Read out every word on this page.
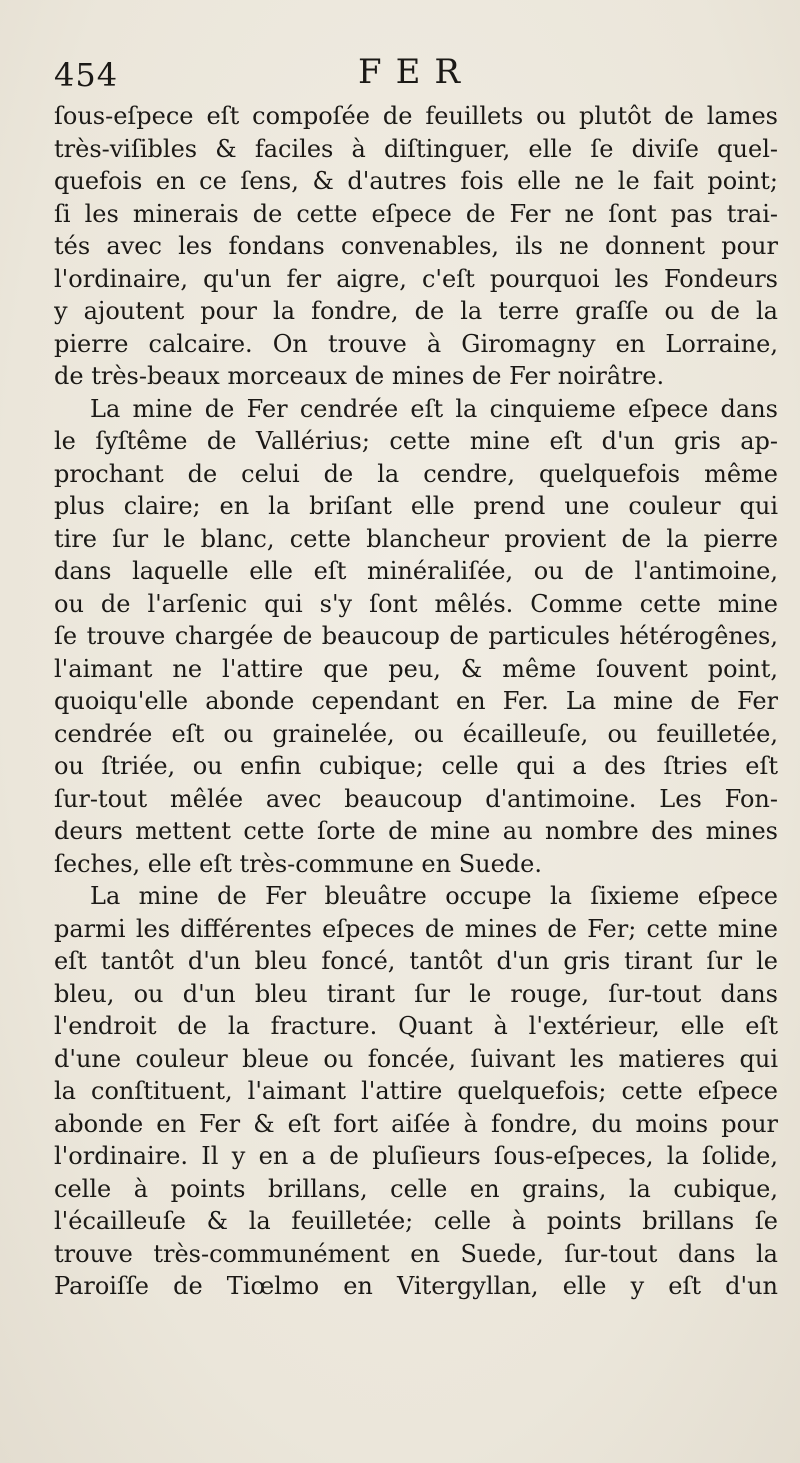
454	FER

ſous-eſpece eſt compoſée de feuillets ou plutôt de lames
très-viſibles & faciles à diſtinguer, elle ſe diviſe quel-
quefois en ce ſens, & d'autres fois elle ne le fait point;
ſi les minerais de cette eſpece de Fer ne ſont pas trai-
tés avec les fondans convenables, ils ne donnent pour
l'ordinaire, qu'un fer aigre, c'eſt pourquoi les Fondeurs
y ajoutent pour la fondre, de la terre graſſe ou de la
pierre calcaire. On trouve à Giromagny en Lorraine,
de très-beaux morceaux de mines de Fer noirâtre.

La mine de Fer cendrée eſt la cinquieme eſpece dans
le ſyſtême de Vallérius; cette mine eſt d'un gris ap-
prochant de celui de la cendre, quelquefois même
plus claire; en la briſant elle prend une couleur qui
tire ſur le blanc, cette blancheur provient de la pierre
dans laquelle elle eſt minéraliſée, ou de l'antimoine,
ou de l'arſenic qui s'y ſont mêlés. Comme cette mine
ſe trouve chargée de beaucoup de particules hétérogênes,
l'aimant ne l'attire que peu, & même ſouvent point,
quoiqu'elle abonde cependant en Fer. La mine de Fer
cendrée eſt ou grainelée, ou écailleuſe, ou feuilletée,
ou ſtriée, ou enfin cubique; celle qui a des ſtries eſt
ſur-tout mêlée avec beaucoup d'antimoine. Les Fon-
deurs mettent cette ſorte de mine au nombre des mines
ſeches, elle eſt très-commune en Suede.

La mine de Fer bleuâtre occupe la ſixieme eſpece
parmi les différentes eſpeces de mines de Fer; cette mine
eſt tantôt d'un bleu foncé, tantôt d'un gris tirant ſur le
bleu, ou d'un bleu tirant ſur le rouge, ſur-tout dans
l'endroit de la fracture. Quant à l'extérieur, elle eſt
d'une couleur bleue ou foncée, ſuivant les matieres qui
la conſtituent, l'aimant l'attire quelquefois; cette eſpece
abonde en Fer & eſt fort aiſée à fondre, du moins pour
l'ordinaire. Il y en a de pluſieurs ſous-eſpeces, la ſolide,
celle à points brillans, celle en grains, la cubique,
l'écailleuſe & la feuilletée; celle à points brillans ſe
trouve très-communément en Suede, ſur-tout dans la
Paroiſſe de Tiœlmo en Vitergyllan, elle y eſt d'un
